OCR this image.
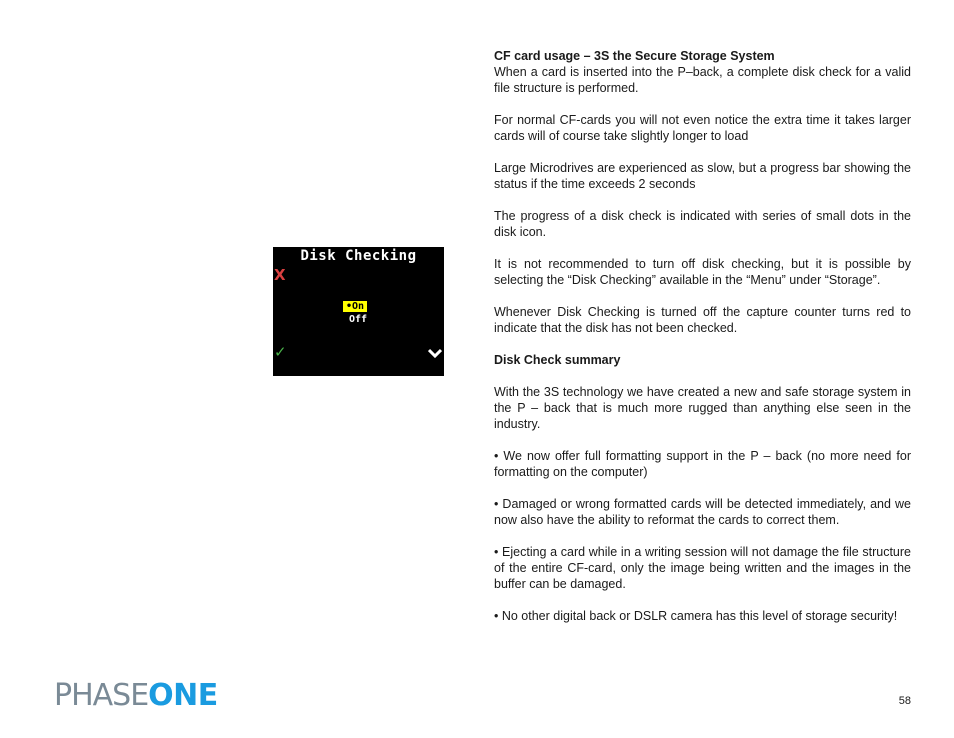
CF card usage – 3S the Secure Storage System

When a card is inserted into the P–back, a complete disk check for a valid file structure is performed.

For normal CF-cards you will not even notice the extra time it takes larger cards will of course take slightly longer to load

Large Microdrives are experienced as slow, but a progress bar showing the status if the time exceeds 2 seconds

The progress of a disk check is indicated with series of small dots in the disk icon.

It is not recommended to turn off disk checking, but it is possible by selecting the “Disk Checking” available in the “Menu” under “Storage”.

Whenever Disk Checking is turned off the capture counter turns red to indicate that the disk has not been checked.

Disk Check summary

With the 3S technology we have created a new and safe storage system in the P – back that is much more rugged than anything else seen in the industry.

• We now offer full formatting support in the P – back (no more need for formatting on the computer)

• Damaged or wrong formatted cards will be detected immediately, and we now also have the ability to reformat the cards to correct them.

• Ejecting a card while in a writing session will not damage the file structure of the entire CF-card, only the image being written and the images in the buffer can be damaged.

• No other digital back or DSLR camera has this level of storage security!

Disk Checking
X
•On
Off
✓
PHASEONE	58
